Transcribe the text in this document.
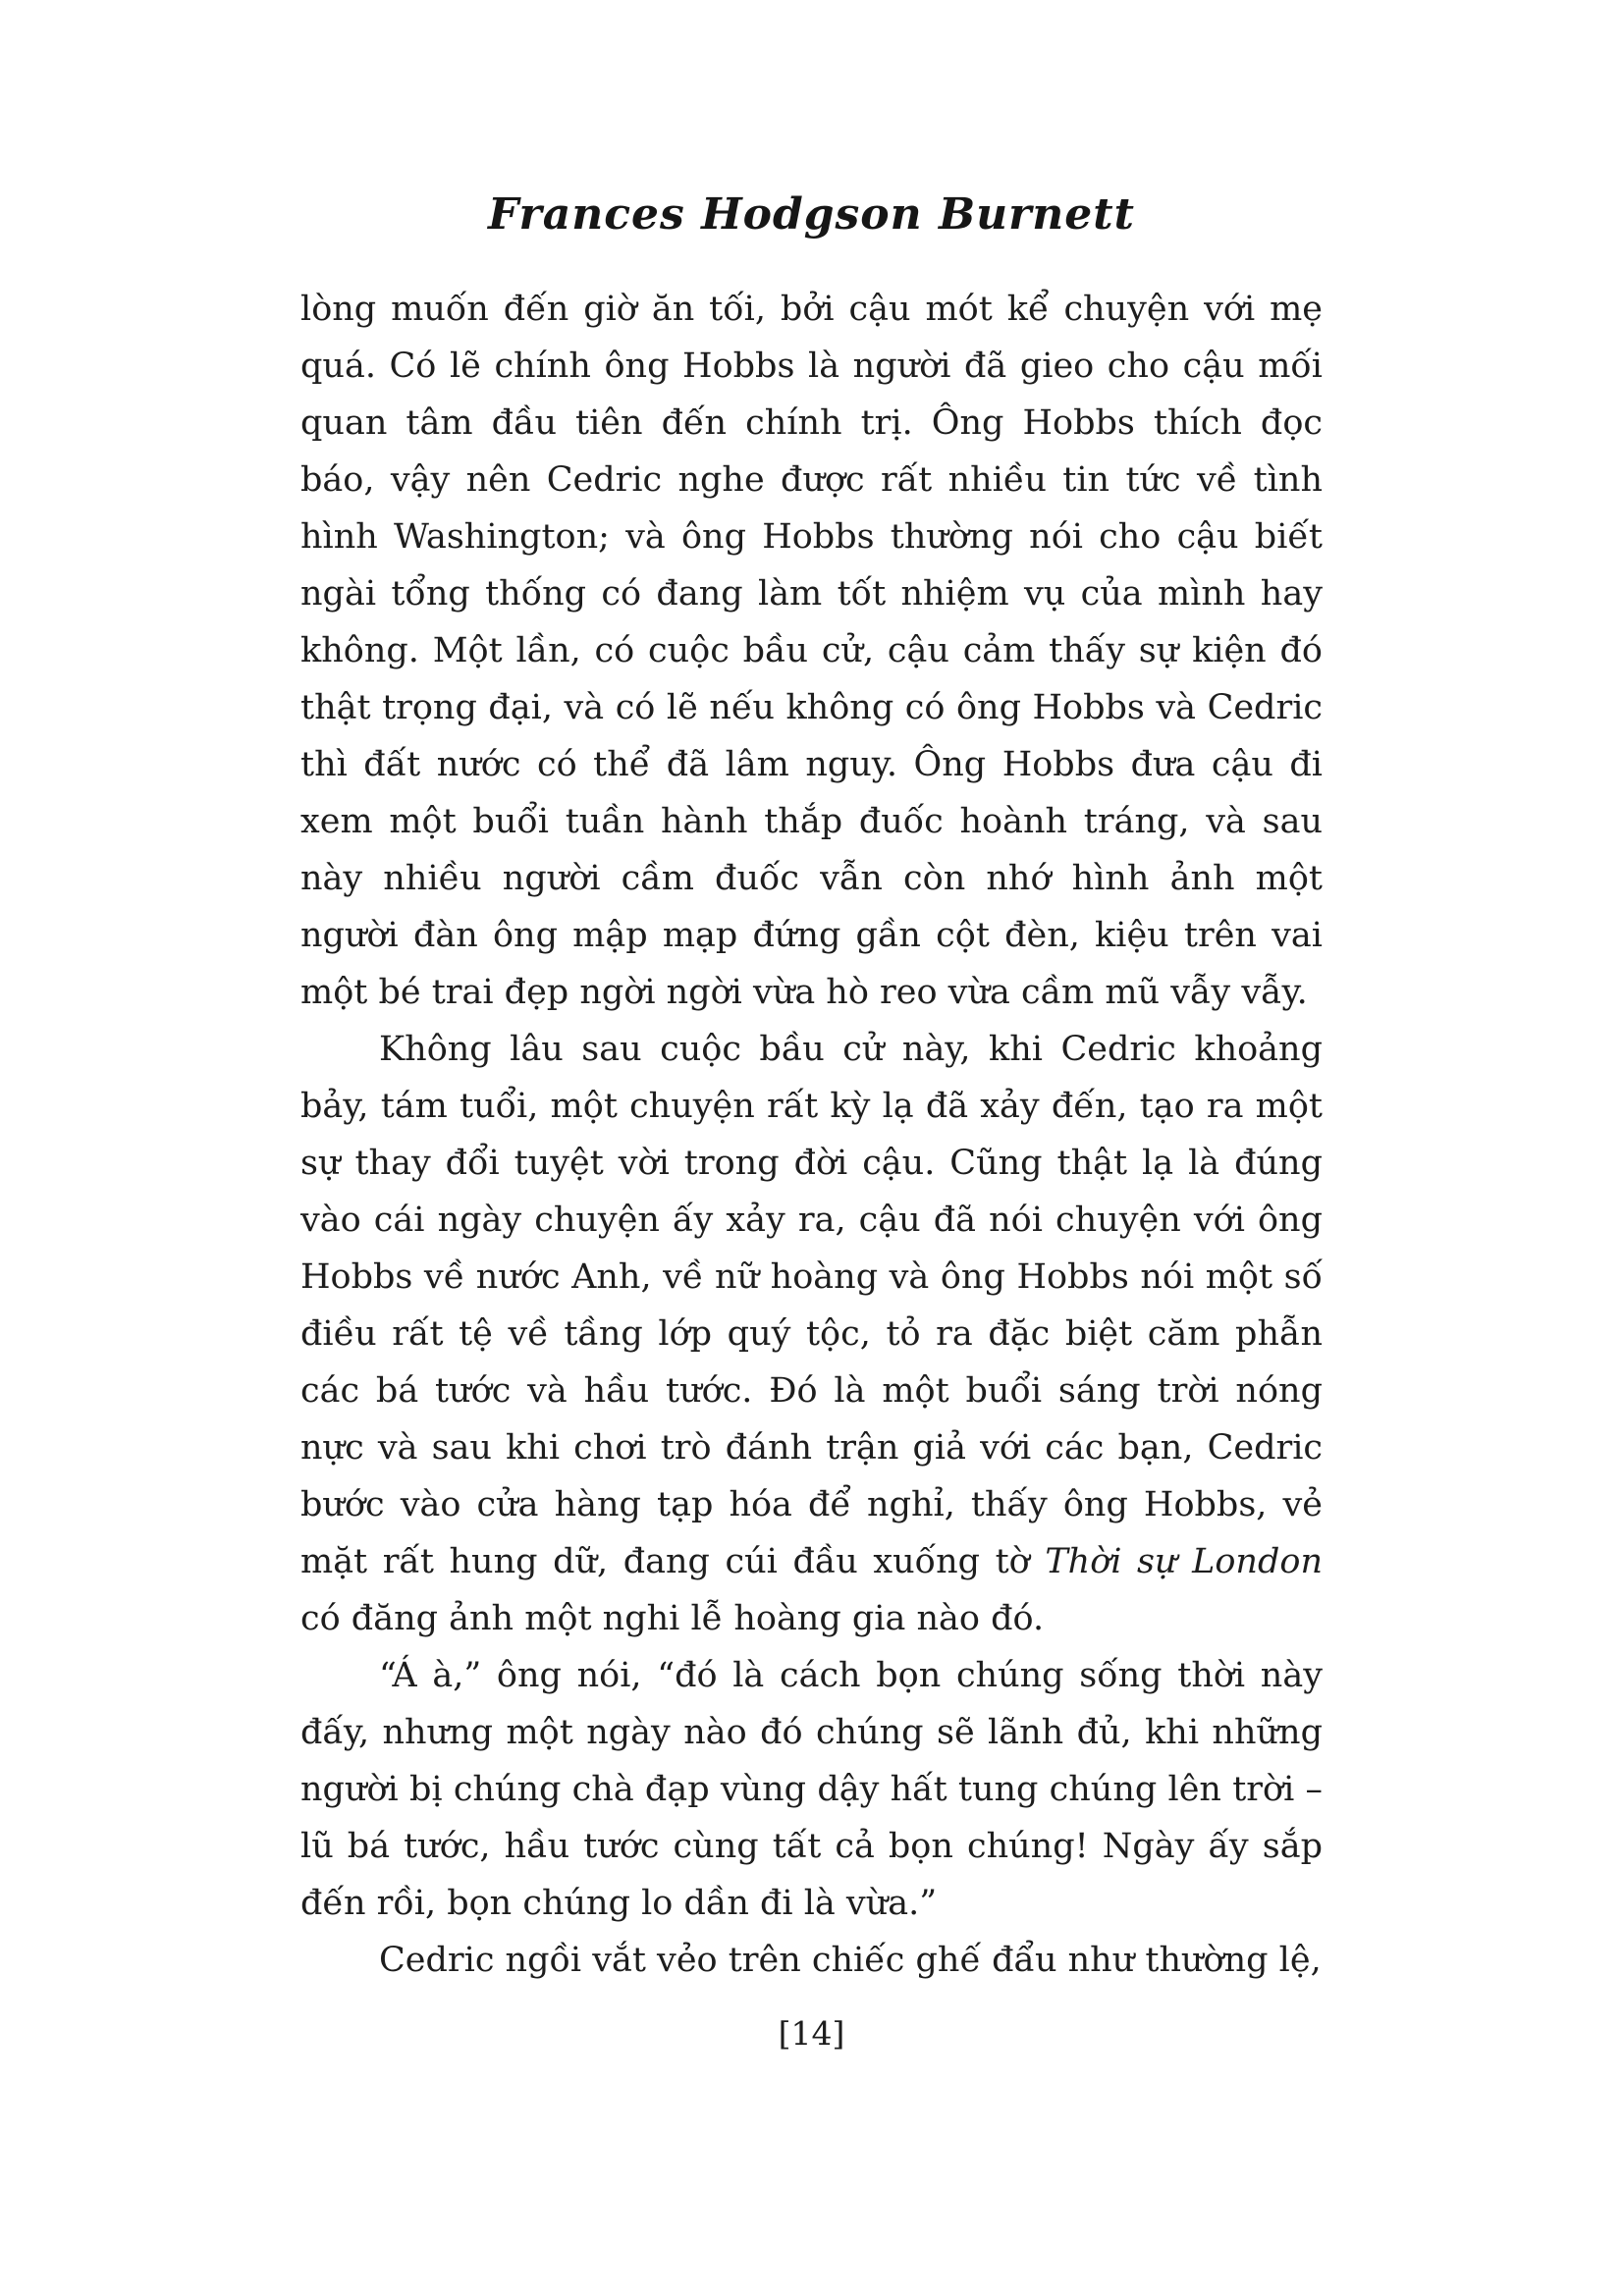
Frances Hodgson Burnett

lòng muốn đến giờ ăn tối, bởi cậu mót kể chuyện với mẹ quá. Có lẽ chính ông Hobbs là người đã gieo cho cậu mối quan tâm đầu tiên đến chính trị. Ông Hobbs thích đọc báo, vậy nên Cedric nghe được rất nhiều tin tức về tình hình Washington; và ông Hobbs thường nói cho cậu biết ngài tổng thống có đang làm tốt nhiệm vụ của mình hay không. Một lần, có cuộc bầu cử, cậu cảm thấy sự kiện đó thật trọng đại, và có lẽ nếu không có ông Hobbs và Cedric thì đất nước có thể đã lâm nguy. Ông Hobbs đưa cậu đi xem một buổi tuần hành thắp đuốc hoành tráng, và sau này nhiều người cầm đuốc vẫn còn nhớ hình ảnh một người đàn ông mập mạp đứng gần cột đèn, kiệu trên vai một bé trai đẹp ngời ngời vừa hò reo vừa cầm mũ vẫy vẫy.

Không lâu sau cuộc bầu cử này, khi Cedric khoảng bảy, tám tuổi, một chuyện rất kỳ lạ đã xảy đến, tạo ra một sự thay đổi tuyệt vời trong đời cậu. Cũng thật lạ là đúng vào cái ngày chuyện ấy xảy ra, cậu đã nói chuyện với ông Hobbs về nước Anh, về nữ hoàng và ông Hobbs nói một số điều rất tệ về tầng lớp quý tộc, tỏ ra đặc biệt căm phẫn các bá tước và hầu tước. Đó là một buổi sáng trời nóng nực và sau khi chơi trò đánh trận giả với các bạn, Cedric bước vào cửa hàng tạp hóa để nghỉ, thấy ông Hobbs, vẻ mặt rất hung dữ, đang cúi đầu xuống tờ Thời sự London có đăng ảnh một nghi lễ hoàng gia nào đó.

“Á à,” ông nói, “đó là cách bọn chúng sống thời này đấy, nhưng một ngày nào đó chúng sẽ lãnh đủ, khi những người bị chúng chà đạp vùng dậy hất tung chúng lên trời – lũ bá tước, hầu tước cùng tất cả bọn chúng! Ngày ấy sắp đến rồi, bọn chúng lo dần đi là vừa.”

Cedric ngồi vắt vẻo trên chiếc ghế đẩu như thường lệ,

[14]
